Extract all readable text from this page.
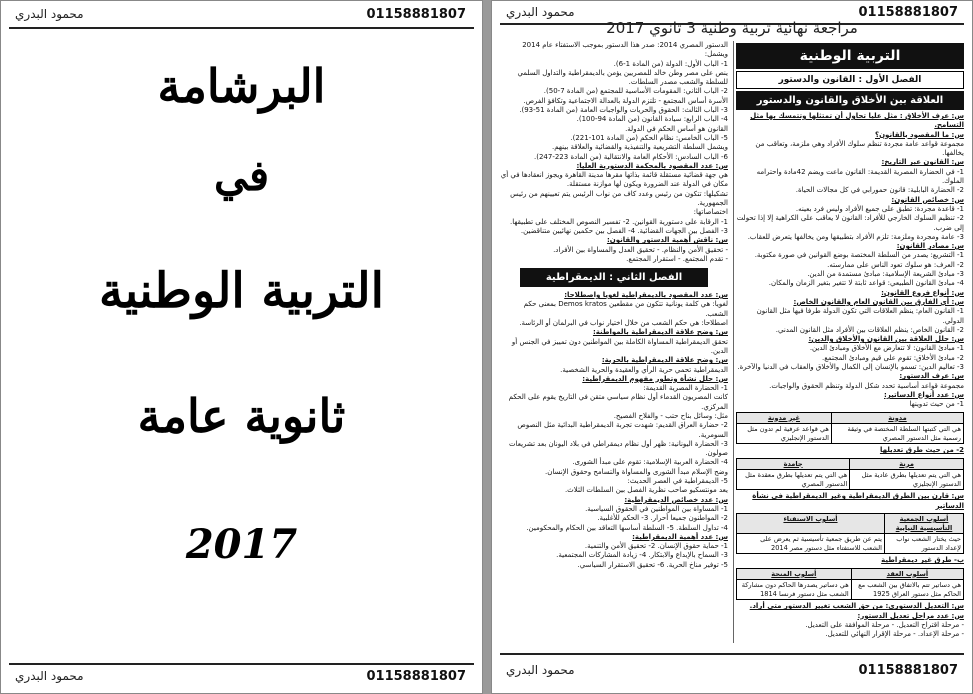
محمود البدري	01158881807
البرشامة
في
التربية الوطنية
ثانوية عامة
2017
محمود البدري	01158881807
محمود البدري	01158881807
مراجعة نهائية تربية وطنية 3 ثانوي 2017
التربية الوطنية
الفصل الأول : القانون والدستور
العلاقة بين الأخلاق والقانون والدستور
س: عرف الأخلاق : مثل عليا تحاول أن تمتثلها وتتمسك بها مثل التسامح.
س: ما المقصود بالقانون؟
مجموعة قواعد عامة مجردة تنظم سلوك الأفراد وهي ملزمة، وتعاقب من يخالفها.
س: القانون عبر التاريخ:
1- في الحضارة المصرية القديمة: القانون ماعت ويضم 42مادة واحترامه الملوك.
2- الحضارة البابلية: قانون حمورابي في كل مجالات الحياة.
س: خصائص القانون:
1- قاعدة مجردة: تطبق على جميع الأفراد وليس فرد بعينه.
2- تنظيم السلوك الخارجي للأفراد: القانون لا يعاقب على الكراهية إلا إذا تحولت إلى ضرب.
3- عامة ومجردة وملزمة: تلزم الأفراد بتطبيقها ومن يخالفها يتعرض للعقاب.
س: مصادر القانون:
1- التشريع: يصدر من السلطة المختصة بوضع القوانين في صورة مكتوبة.
2- العرف: هو سلوك تعود الناس على ممارسته.
3- مبادئ الشريعة الإسلامية: مبادئ مستمدة من الدين.
4- مبادئ القانون الطبيعي: قواعد ثابتة لا تتغير بتغير الزمان والمكان.
س: أنواع فروع القانون:
س: أي الفارق بين القانون العام والقانون الخاص:
1- القانون العام: ينظم العلاقات التي تكون الدولة طرفا فيها مثل القانون الدولي.
2- القانون الخاص: ينظم العلاقات بين الأفراد مثل القانون المدني.
س: حلل العلاقة بين القانون والأخلاق والدين:
1- مبادئ القانون: لا تتعارض مع الأخلاق ومبادئ الدين.
2- مبادئ الأخلاق: تقوم على قيم ومبادئ المجتمع.
3- تعاليم الدين: تسمو بالإنسان إلى الكمال والأخلاق والعقاب في الدنيا والآخرة.
س: عرف الدستور:
مجموعة قواعد أساسية تحدد شكل الدولة وتنظم الحقوق والواجبات.
س: عدد أنواع الدساتير:
1- من حيث تدوينها
مدونة	غير مدونة
هي التي كتبتها السلطة المختصة في وثيقة رسمية مثل الدستور المصري	هي قواعد عرفية لم تدون مثل الدستور الإنجليزي
2- من حيث طرق تعديلها
مرنة	جامدة
هي التي يتم تعديلها بطرق عادية مثل الدستور الإنجليزي	هي التي يتم تعديلها بطرق معقدة مثل الدستور المصري
س: قارن بين الطرق الديمقراطية وغير الديمقراطية في نشأة الدساتير
أسلوب الجمعية التأسيسية النيابية	أسلوب الاستفتاء
حيث يختار الشعب نواب لإعداد الدستور	يتم عن طريق جمعية تأسيسية ثم يعرض على الشعب للاستفتاء مثل دستور مصر 2014
ب- طرق غير ديمقراطية
أسلوب العقد	أسلوب المنحة
هي دساتير تتم بالاتفاق بين الشعب مع الحاكم مثل دستور العراق 1925	هي دساتير يصدرها الحاكم دون مشاركة الشعب مثل دستور فرنسا 1814
س: التعديل الدستوري: من حق الشعب تغيير الدستور متى أراد.
س: عدد مراحل تعديل الدستور:
- مرحلة اقتراح التعديل. - مرحلة الموافقة على التعديل.
- مرحلة الإعداد. - مرحلة الإقرار النهائي للتعديل.
الدستور المصري 2014: صدر هذا الدستور بموجب الاستفتاء عام 2014 ويشمل:
1- الباب الأول: الدولة (من المادة 1-6).
ينص على مصر وطن خالد للمصريين يؤمن بالديمقراطية والتداول السلمي للسلطة والشعب مصدر السلطات.
2- الباب الثاني: المقومات الأساسية للمجتمع (من المادة 7-50).
الأسرة أساس المجتمع - تلتزم الدولة بالعدالة الاجتماعية وتكافؤ الفرص.
3- الباب الثالث: الحقوق والحريات والواجبات العامة (من المادة 51-93).
4- الباب الرابع: سيادة القانون (من المادة 94-100).
القانون هو أساس الحكم في الدولة.
5- الباب الخامس: نظام الحكم (من المادة 101-221).
ويشمل السلطة التشريعية والتنفيذية والقضائية والعلاقة بينهم.
6- الباب السادس: الأحكام العامة والانتقالية (من المادة 223-247).
س: عدد المقصود بالمحكمة الدستورية العليا:
هي جهة قضائية مستقلة قائمة بذاتها مقرها مدينة القاهرة ويجوز انعقادها في أي مكان في الدولة عند الضرورة ويكون لها موازنة مستقلة.
تشكيلها: تتكون من رئيس وعدد كاف من نواب الرئيس يتم تعيينهم من رئيس الجمهورية.
اختصاصاتها:
1- الرقابة على دستورية القوانين. 2- تفسير النصوص المختلف على تطبيقها.
3- الفصل بين الجهات القضائية. 4- الفصل بين حكمين نهائيين متناقضين.
س: ناقش أهمية الدستور والقانون:
- تحقيق الأمن والنظام. - تحقيق العدل والمساواة بين الأفراد.
- تقدم المجتمع. - استقرار المجتمع.
الفصل الثاني : الديمقراطية
س: عدد المقصود بالديمقراطية لغويا واصطلاحا:
لغويا: هي كلمة يونانية تتكون من مقطعين Demos kratos بمعنى حكم الشعب.
اصطلاحا: هي حكم الشعب من خلال اختيار نواب في البرلمان أو الرئاسة.
س: وضح علاقة الديمقراطية بالمواطنة:
تحقق الديمقراطية المساواة الكاملة بين المواطنين دون تمييز في الجنس أو الدين.
س: وضح علاقة الديمقراطية بالحرية:
الديمقراطية تحمي حرية الرأي والعقيدة والحرية الشخصية.
س: حلل نشأة وتطور مفهوم الديمقراطية:
1- الحضارة المصرية القديمة:
كانت المصريون القدماء أول نظام سياسي متقن في التاريخ يقوم على الحكم المركزي.
مثل: وسائل بناح حتب - والفلاح الفصيح.
2- حضارة العراق القديم: شهدت تجربة الديمقراطية البدائية مثل النصوص السومرية.
3- الحضارة اليونانية: ظهر أول نظام ديمقراطي في بلاد اليونان بعد تشريعات صولون.
4- الحضارة العربية الإسلامية: تقوم على مبدأ الشورى.
وضح الإسلام مبدأ الشورى والمساواة والتسامح وحقوق الإنسان.
5- الديمقراطية في العصر الحديث:
يعد مونتسكيو صاحب نظرية الفصل بين السلطات الثلاث.
س: عدد خصائص الديمقراطية:
1- المساواة بين المواطنين في الحقوق السياسية.
2- المواطنون جميعا أحرار. 3- الحكم للأغلبية.
4- تداول السلطة. 5- السلطة أساسها التعاقد بين الحكام والمحكومين.
س: عدد أهمية الديمقراطية:
1- حماية حقوق الإنسان. 2- تحقيق الأمن والتنمية.
3- السماح بالإبداع والابتكار. 4- زيادة المشاركات المجتمعية.
5- توفير مناخ الحرية. 6- تحقيق الاستقرار السياسي.
محمود البدري	01158881807
